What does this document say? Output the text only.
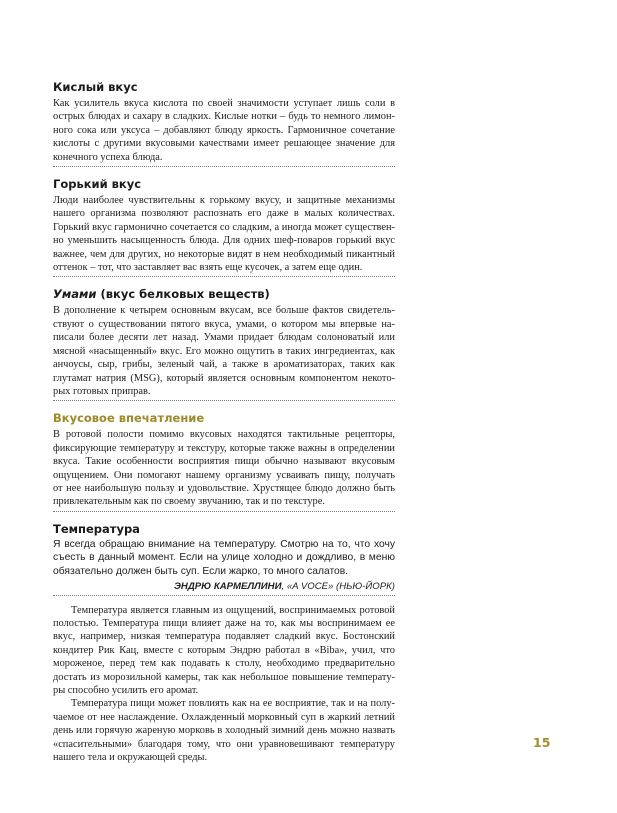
Кислый вкус
Как усилитель вкуса кислота по своей значимости уступает лишь соли в
острых блюдах и сахару в сладких. Кислые нотки – будь то немного лимон-
ного сока или уксуса – добавляют блюду яркость. Гармоничное сочетание
кислоты с другими вкусовыми качествами имеет решающее значение для
конечного успеха блюда.
Горький вкус
Люди наиболее чувствительны к горькому вкусу, и защитные механизмы
нашего организма позволяют распознать его даже в малых количествах.
Горький вкус гармонично сочетается со сладким, а иногда может существен-
но уменьшить насыщенность блюда. Для одних шеф-поваров горький вкус
важнее, чем для других, но некоторые видят в нем необходимый пикантный
оттенок – тот, что заставляет вас взять еще кусочек, а затем еще один.
Умами (вкус белковых веществ)
В дополнение к четырем основным вкусам, все больше фактов свидетель-
ствуют о существовании пятого вкуса, умами, о котором мы впервые на-
писали более десяти лет назад. Умами придает блюдам солоноватый или
мясной «насыщенный» вкус. Его можно ощутить в таких ингредиентах, как
анчоусы, сыр, грибы, зеленый чай, а также в ароматизаторах, таких как
глутамат натрия (MSG), который является основным компонентом некото-
рых готовых приправ.
Вкусовое впечатление
В ротовой полости помимо вкусовых находятся тактильные рецепторы,
фиксирующие температуру и текстуру, которые также важны в определении
вкуса. Такие особенности восприятия пищи обычно называют вкусовым
ощущением. Они помогают нашему организму усваивать пищу, получать
от нее наибольшую пользу и удовольствие. Хрустящее блюдо должно быть
привлекательным как по своему звучанию, так и по текстуре.
Температура
Я всегда обращаю внимание на температуру. Смотрю на то, что хочу
съесть в данный момент. Если на улице холодно и дождливо, в меню
обязательно должен быть суп. Если жарко, то много салатов.
ЭНДРЮ КАРМЕЛЛИНИ, «A VOCE» (НЬЮ-ЙОРК)
Температура является главным из ощущений, воспринимаемых ротовой
полостью. Температура пищи влияет даже на то, как мы воспринимаем ее
вкус, например, низкая температура подавляет сладкий вкус. Бостонский
кондитер Рик Кац, вместе с которым Эндрю работал в «Biba», учил, что
мороженое, перед тем как подавать к столу, необходимо предварительно
достать из морозильной камеры, так как небольшое повышение температу-
ры способно усилить его аромат.
Температура пищи может повлиять как на ее восприятие, так и на полу-
чаемое от нее наслаждение. Охлажденный морковный суп в жаркий летний
день или горячую жареную морковь в холодный зимний день можно назвать
«спасительными» благодаря тому, что они уравновешивают температуру
нашего тела и окружающей среды.
15
